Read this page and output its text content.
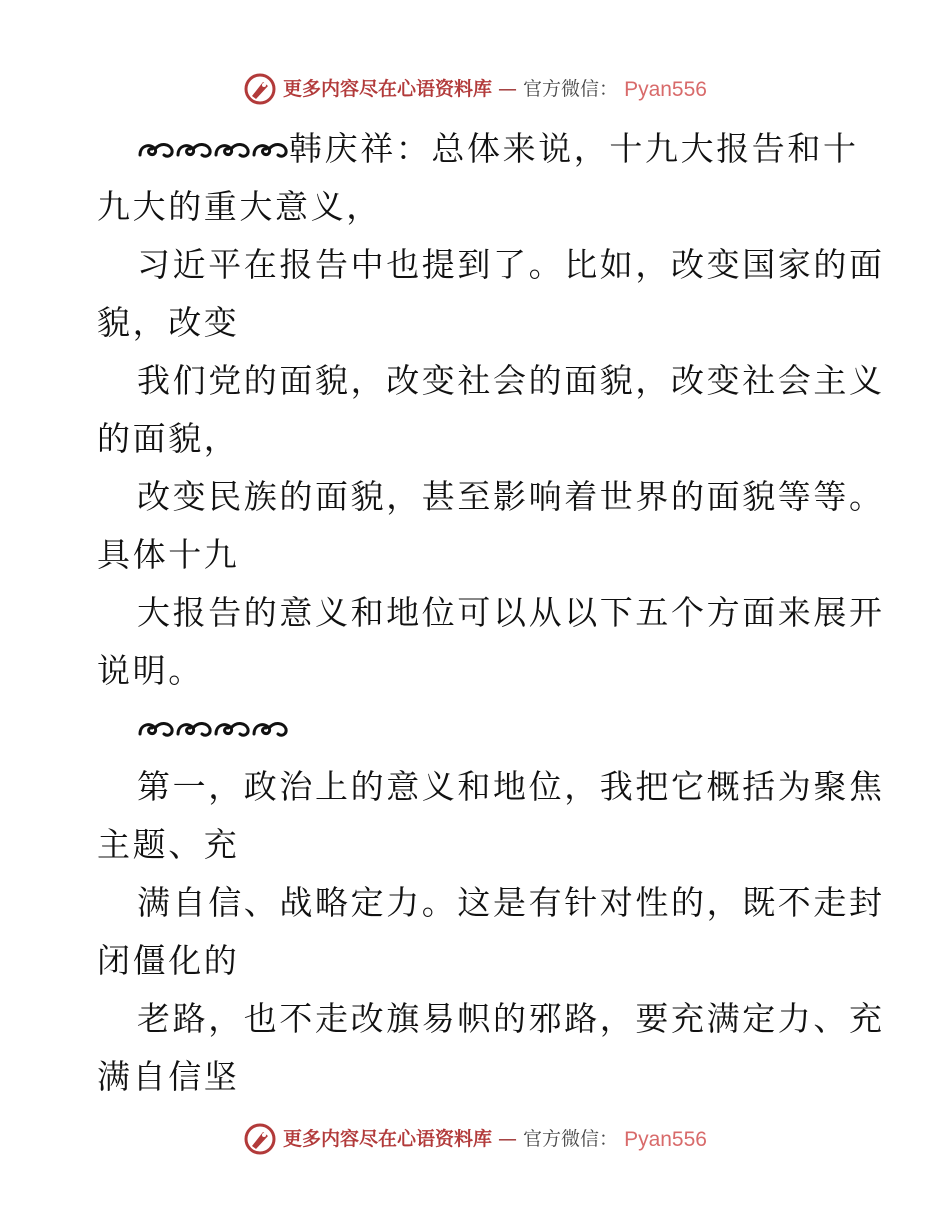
更多内容尽在心语资料库 — 官方微信： Pyan556
韩庆祥：总体来说，十九大报告和十
九大的重大意义，
习近平在报告中也提到了。比如，改变国家的面
貌，改变
我们党的面貌，改变社会的面貌，改变社会主义
的面貌，
改变民族的面貌，甚至影响着世界的面貌等等。
具体十九
大报告的意义和地位可以从以下五个方面来展开
说明。
第一，政治上的意义和地位，我把它概括为聚焦
主题、充
满自信、战略定力。这是有针对性的，既不走封
闭僵化的
老路，也不走改旗易帜的邪路，要充满定力、充
满自信坚
更多内容尽在心语资料库 — 官方微信： Pyan556
